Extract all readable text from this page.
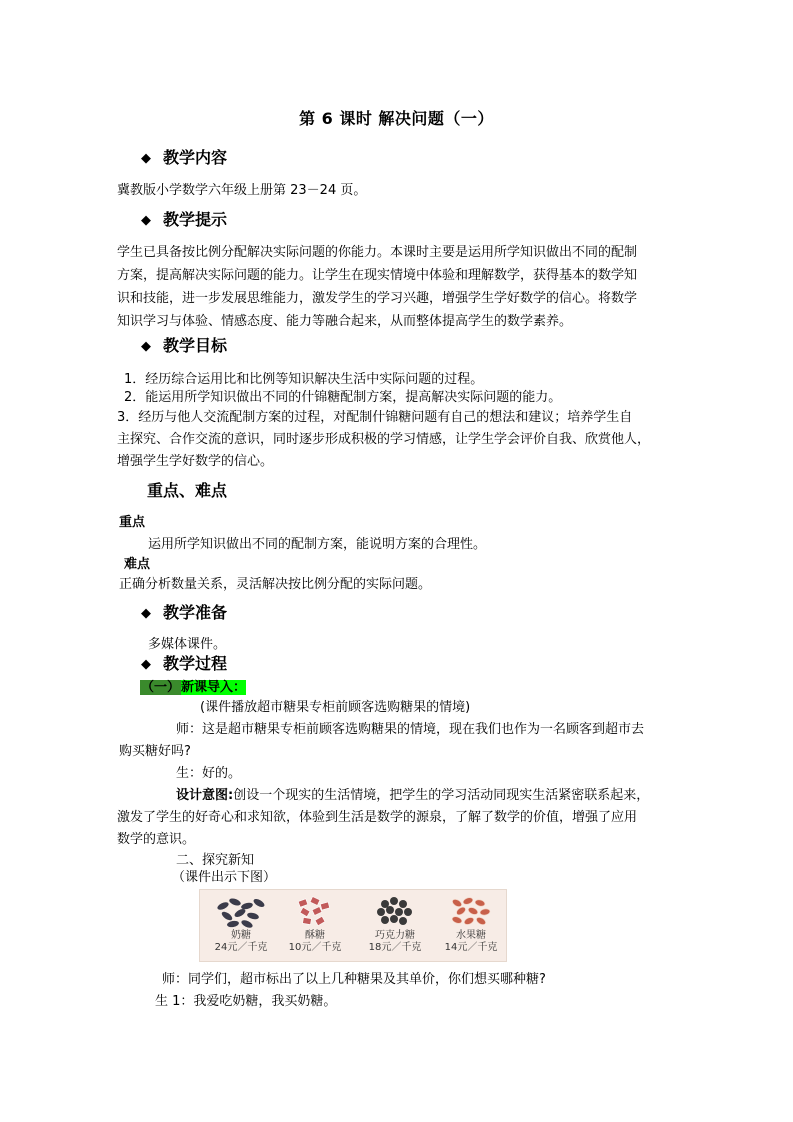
第 6 课时 解决问题（一）
◆ 教学内容
冀教版小学数学六年级上册第 23－24 页。
◆ 教学提示
学生已具备按比例分配解决实际问题的你能力。本课时主要是运用所学知识做出不同的配制
方案，提高解决实际问题的能力。让学生在现实情境中体验和理解数学，获得基本的数学知
识和技能，进一步发展思维能力，激发学生的学习兴趣，增强学生学好数学的信心。将数学
知识学习与体验、情感态度、能力等融合起来，从而整体提高学生的数学素养。
◆ 教学目标
1．经历综合运用比和比例等知识解决生活中实际问题的过程。
2．能运用所学知识做出不同的什锦糖配制方案，提高解决实际问题的能力。
3．经历与他人交流配制方案的过程，对配制什锦糖问题有自己的想法和建议；培养学生自
主探究、合作交流的意识，同时逐步形成积极的学习情感，让学生学会评价自我、欣赏他人，
增强学生学好数学的信心。
重点、难点
重点
运用所学知识做出不同的配制方案，能说明方案的合理性。
难点
正确分析数量关系，灵活解决按比例分配的实际问题。
◆ 教学准备
多媒体课件。
◆ 教学过程
（一）新课导入：
(课件播放超市糖果专柜前顾客选购糖果的情境)
师：这是超市糖果专柜前顾客选购糖果的情境，现在我们也作为一名顾客到超市去
购买糖好吗?
生：好的。
设计意图:创设一个现实的生活情境，把学生的学习活动同现实生活紧密联系起来，
激发了学生的好奇心和求知欲，体验到生活是数学的源泉，了解了数学的价值，增强了应用
数学的意识。
二、探究新知
（课件出示下图）
奶糖
24元／千克
酥糖
10元／千克
巧克力糖
18元／千克
水果糖
14元／千克
师：同学们，超市标出了以上几种糖果及其单价，你们想买哪种糖?
生 1：我爱吃奶糖，我买奶糖。
